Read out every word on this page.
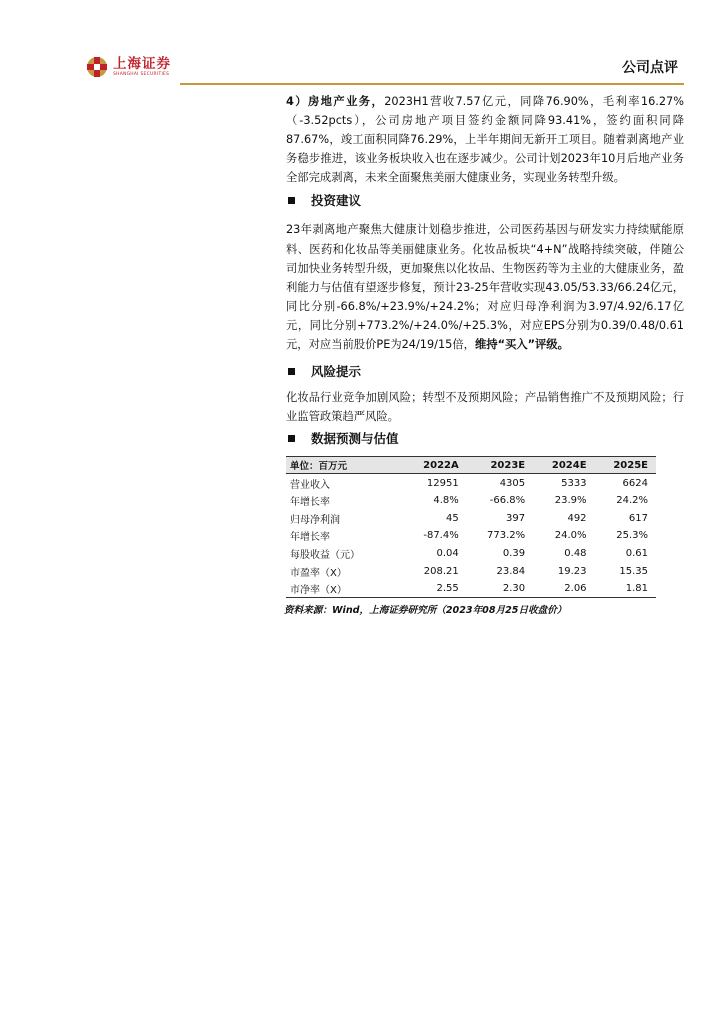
上海证券
SHANGHAI SECURITIES	公司点评

4）房地产业务，2023H1营收7.57亿元，同降76.90%，毛利率16.27%（-3.52pcts），公司房地产项目签约金额同降93.41%，签约面积同降87.67%，竣工面积同降76.29%，上半年期间无新开工项目。随着剥离地产业务稳步推进，该业务板块收入也在逐步减少。公司计划2023年10月后地产业务全部完成剥离，未来全面聚焦美丽大健康业务，实现业务转型升级。

投资建议

23年剥离地产聚焦大健康计划稳步推进，公司医药基因与研发实力持续赋能原料、医药和化妆品等美丽健康业务。化妆品板块“4+N”战略持续突破，伴随公司加快业务转型升级，更加聚焦以化妆品、生物医药等为主业的大健康业务，盈利能力与估值有望逐步修复，预计23-25年营收实现43.05/53.33/66.24亿元，同比分别-66.8%/+23.9%/+24.2%；对应归母净利润为3.97/4.92/6.17亿元，同比分别+773.2%/+24.0%/+25.3%，对应EPS分别为0.39/0.48/0.61元，对应当前股价PE为24/19/15倍，维持“买入”评级。

风险提示

化妆品行业竞争加剧风险；转型不及预期风险；产品销售推广不及预期风险；行业监管政策趋严风险。

数据预测与估值
单位：百万元	2022A	2023E	2024E	2025E
营业收入	12951	4305	5333	6624
年增长率	4.8%	-66.8%	23.9%	24.2%
归母净利润	45	397	492	617
年增长率	-87.4%	773.2%	24.0%	25.3%
每股收益（元）	0.04	0.39	0.48	0.61
市盈率（X）	208.21	23.84	19.23	15.35
市净率（X）	2.55	2.30	2.06	1.81
资料来源：Wind，上海证券研究所（2023年08月25日收盘价）
